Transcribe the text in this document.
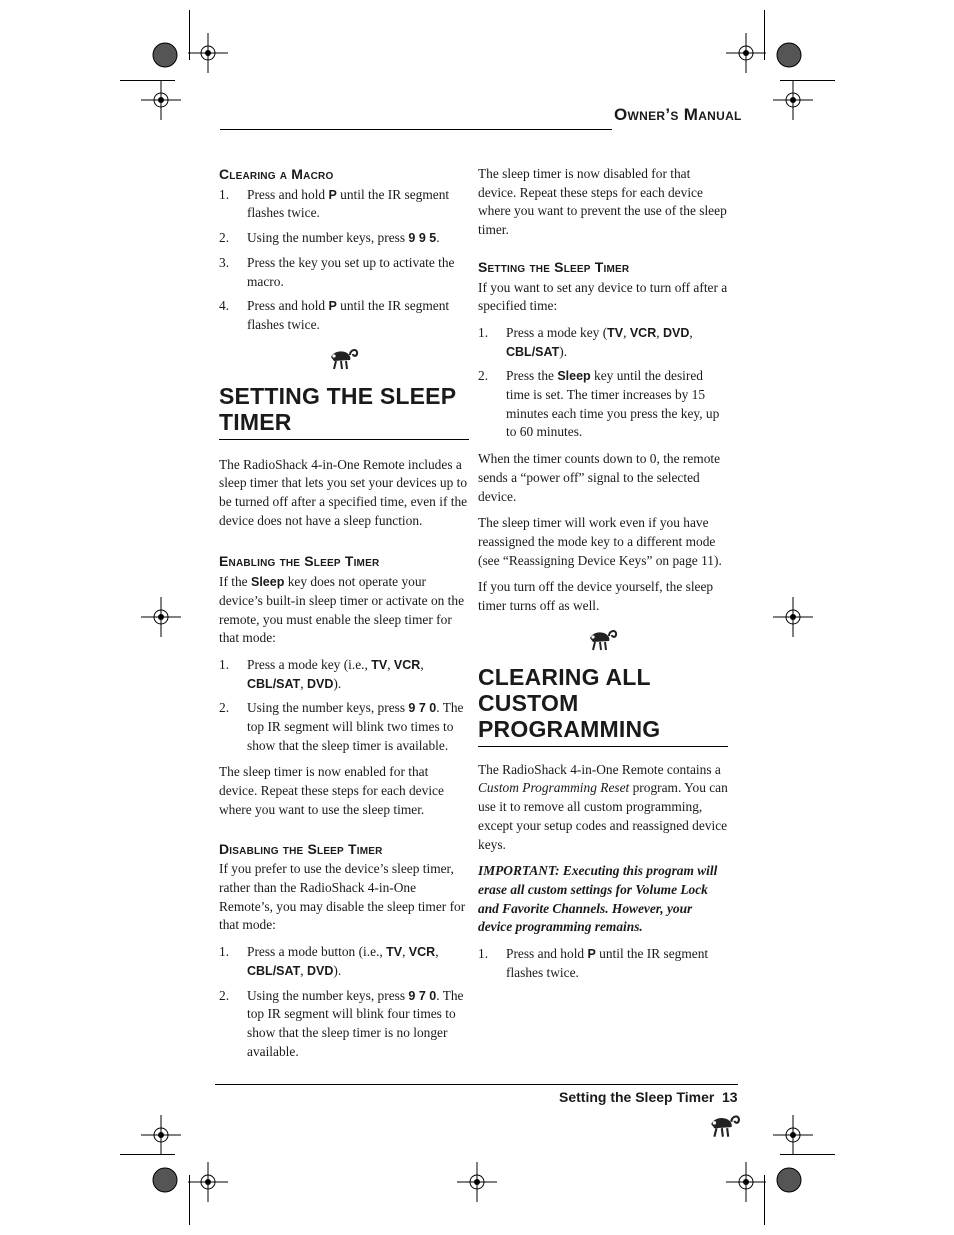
Owner’s Manual
Clearing a Macro
1. Press and hold P until the IR segment flashes twice.
2. Using the number keys, press 9 9 5.
3. Press the key you set up to activate the macro.
4. Press and hold P until the IR segment flashes twice.
SETTING THE SLEEP TIMER

The RadioShack 4-in-One Remote includes a sleep timer that lets you set your devices up to be turned off after a specified time, even if the device does not have a sleep function.

Enabling the Sleep Timer

If the Sleep key does not operate your device’s built-in sleep timer or activate on the remote, you must enable the sleep timer for that mode:

1. Press a mode key (i.e., TV, VCR, CBL/SAT, DVD).
2. Using the number keys, press 9 7 0. The top IR segment will blink two times to show that the sleep timer is available.

The sleep timer is now enabled for that device. Repeat these steps for each device where you want to use the sleep timer.

Disabling the Sleep Timer

If you prefer to use the device’s sleep timer, rather than the RadioShack 4-in-One Remote’s, you may disable the sleep timer for that mode:

1. Press a mode button (i.e., TV, VCR, CBL/SAT, DVD).
2. Using the number keys, press 9 7 0. The top IR segment will blink four times to show that the sleep timer is no longer available.

The sleep timer is now disabled for that device. Repeat these steps for each device where you want to prevent the use of the sleep timer.

Setting the Sleep Timer

If you want to set any device to turn off after a specified time:

1. Press a mode key (TV, VCR, DVD, CBL/SAT).
2. Press the Sleep key until the desired time is set. The timer increases by 15 minutes each time you press the key, up to 60 minutes.

When the timer counts down to 0, the remote sends a “power off” signal to the selected device.

The sleep timer will work even if you have reassigned the mode key to a different mode (see “Reassigning Device Keys” on page 11).

If you turn off the device yourself, the sleep timer turns off as well.

CLEARING ALL CUSTOM PROGRAMMING

The RadioShack 4-in-One Remote contains a Custom Programming Reset program. You can use it to remove all custom programming, except your setup codes and reassigned device keys.

IMPORTANT: Executing this program will erase all custom settings for Volume Lock and Favorite Channels. However, your device programming remains.

1. Press and hold P until the IR segment flashes twice.
Setting the Sleep Timer 13
